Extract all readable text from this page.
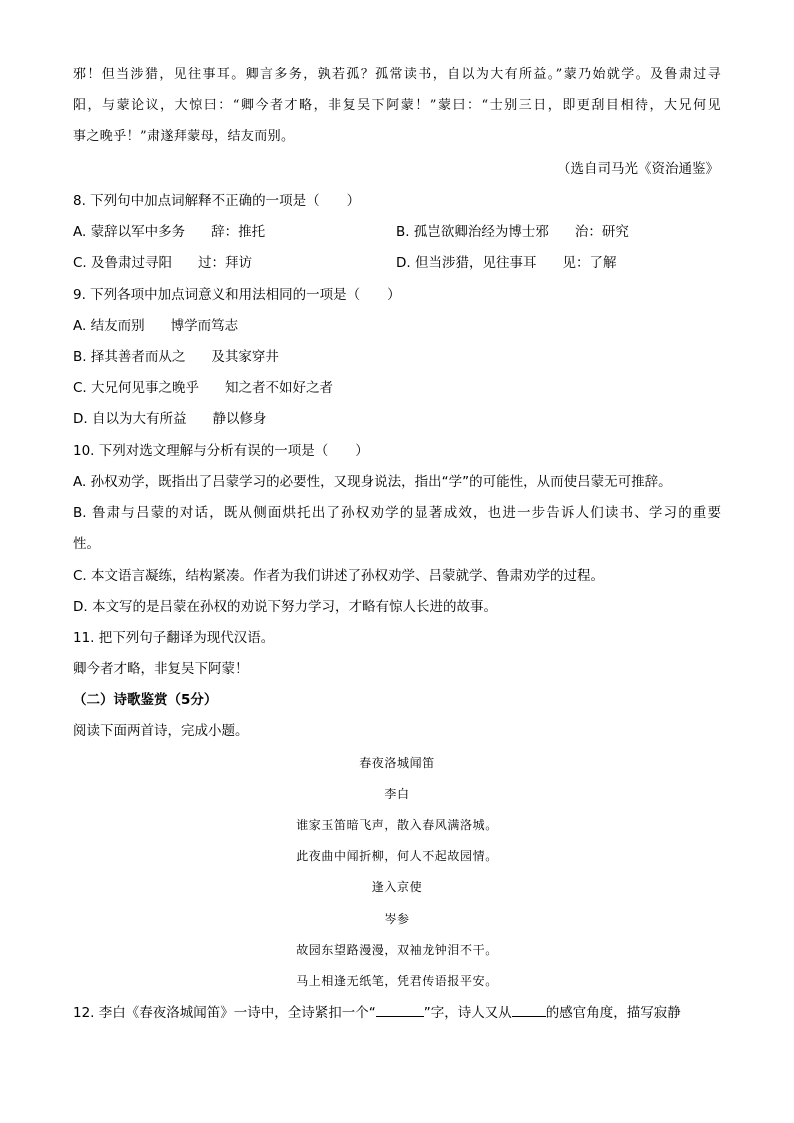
邪！但当涉猎，见往事耳。卿言多务，孰若孤？孤常读书，自以为大有所益。”蒙乃始就学。及鲁肃过寻
阳，与蒙论议，大惊曰：“卿今者才略，非复吴下阿蒙！”蒙曰：“士别三日，即更刮目相待，大兄何见
事之晚乎！”肃遂拜蒙母，结友而别。
（选自司马光《资治通鉴》
8. 下列句中加点词解释不正确的一项是（　　）
A. 蒙辞以军中多务 辞：推托	B. 孤岂欲卿治经为博士邪 治：研究
C. 及鲁肃过寻阳 过：拜访	D. 但当涉猎，见往事耳 见：了解
9. 下列各项中加点词意义和用法相同的一项是（　　）
A. 结友而别 博学而笃志
B. 择其善者而从之 及其家穿井
C. 大兄何见事之晚乎 知之者不如好之者
D. 自以为大有所益 静以修身
10. 下列对选文理解与分析有误的一项是（　　）
A. 孙权劝学，既指出了吕蒙学习的必要性，又现身说法，指出“学”的可能性，从而使吕蒙无可推辞。
B. 鲁肃与吕蒙的对话，既从侧面烘托出了孙权劝学的显著成效，也进一步告诉人们读书、学习的重要
性。
C. 本文语言凝练，结构紧凑。作者为我们讲述了孙权劝学、吕蒙就学、鲁肃劝学的过程。
D. 本文写的是吕蒙在孙权的劝说下努力学习，才略有惊人长进的故事。
11. 把下列句子翻译为现代汉语。
卿今者才略，非复吴下阿蒙！
（二）诗歌鉴赏（5分）
阅读下面两首诗，完成小题。
春夜洛城闻笛
李白
谁家玉笛暗飞声，散入春风满洛城。
此夜曲中闻折柳，何人不起故园情。
逢入京使
岑参
故园东望路漫漫，双袖龙钟泪不干。
马上相逢无纸笔，凭君传语报平安。
12. 李白《春夜洛城闻笛》一诗中，全诗紧扣一个“	”字，诗人又从	的感官角度，描写寂静
